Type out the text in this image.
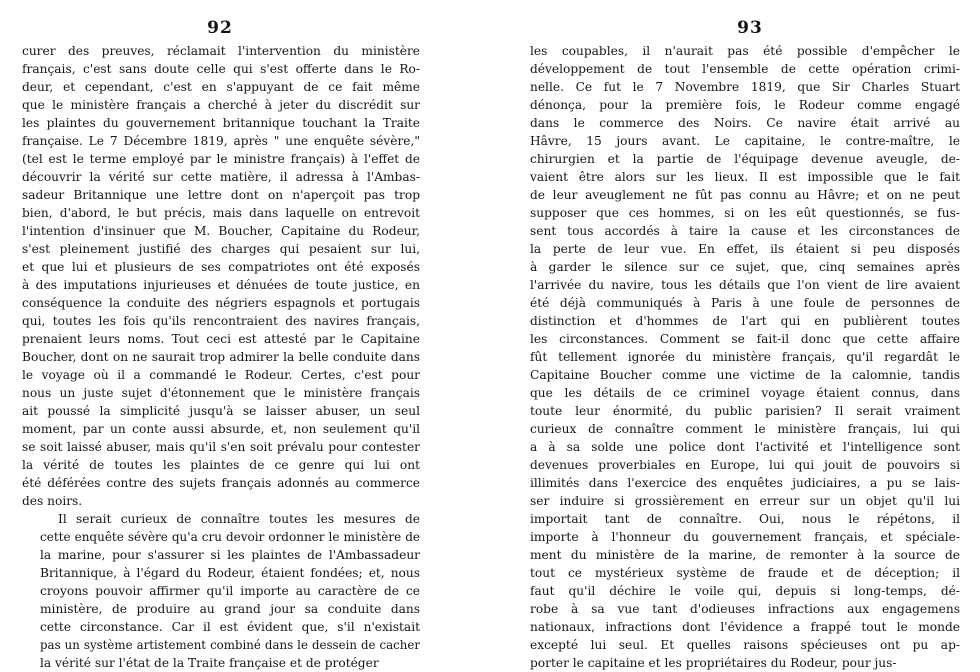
92

curer des preuves, réclamait l'intervention du ministère
français, c'est sans doute celle qui s'est offerte dans le Ro-
deur, et cependant, c'est en s'appuyant de ce fait même
que le ministère français a cherché à jeter du discrédit sur
les plaintes du gouvernement britannique touchant la Traite
française. Le 7 Décembre 1819, après " une enquête sévère,"
(tel est le terme employé par le ministre français) à l'effet de
découvrir la vérité sur cette matière, il adressa à l'Ambas-
sadeur Britannique une lettre dont on n'aperçoit pas trop
bien, d'abord, le but précis, mais dans laquelle on entrevoit
l'intention d'insinuer que M. Boucher, Capitaine du Rodeur,
s'est pleinement justifié des charges qui pesaient sur lui,
et que lui et plusieurs de ses compatriotes ont été exposés
à des imputations injurieuses et dénuées de toute justice, en
conséquence la conduite des négriers espagnols et portugais
qui, toutes les fois qu'ils rencontraient des navires français,
prenaient leurs noms. Tout ceci est attesté par le Capitaine
Boucher, dont on ne saurait trop admirer la belle conduite dans
le voyage où il a commandé le Rodeur. Certes, c'est pour
nous un juste sujet d'étonnement que le ministère français
ait poussé la simplicité jusqu'à se laisser abuser, un seul
moment, par un conte aussi absurde, et, non seulement qu'il
se soit laissé abuser, mais qu'il s'en soit prévalu pour contester
la vérité de toutes les plaintes de ce genre qui lui ont
été déférées contre des sujets français adonnés au commerce
des noirs.

Il serait curieux de connaître toutes les mesures de
cette enquête sévère qu'a cru devoir ordonner le ministère de
la marine, pour s'assurer si les plaintes de l'Ambassadeur
Britannique, à l'égard du Rodeur, étaient fondées; et, nous
croyons pouvoir affirmer qu'il importe au caractère de ce
ministère, de produire au grand jour sa conduite dans
cette circonstance. Car il est évident que, s'il n'existait
pas un système artistement combiné dans le dessein de cacher
la vérité sur l'état de la Traite française et de protéger

93

les coupables, il n'aurait pas été possible d'empêcher le
développement de tout l'ensemble de cette opération crimi-
nelle. Ce fut le 7 Novembre 1819, que Sir Charles Stuart
dénonça, pour la première fois, le Rodeur comme engagé
dans le commerce des Noirs. Ce navire était arrivé au
Hâvre, 15 jours avant. Le capitaine, le contre-maître, le
chirurgien et la partie de l'équipage devenue aveugle, de-
vaient être alors sur les lieux. Il est impossible que le fait
de leur aveuglement ne fût pas connu au Hâvre; et on ne peut
supposer que ces hommes, si on les eût questionnés, se fus-
sent tous accordés à taire la cause et les circonstances de
la perte de leur vue. En effet, ils étaient si peu disposés
à garder le silence sur ce sujet, que, cinq semaines après
l'arrivée du navire, tous les détails que l'on vient de lire avaient
été déjà communiqués à Paris à une foule de personnes de
distinction et d'hommes de l'art qui en publièrent toutes
les circonstances. Comment se fait-il donc que cette affaire
fût tellement ignorée du ministère français, qu'il regardât le
Capitaine Boucher comme une victime de la calomnie, tandis
que les détails de ce criminel voyage étaient connus, dans
toute leur énormité, du public parisien? Il serait vraiment
curieux de connaître comment le ministère français, lui qui
a à sa solde une police dont l'activité et l'intelligence sont
devenues proverbiales en Europe, lui qui jouit de pouvoirs si
illimités dans l'exercice des enquêtes judiciaires, a pu se lais-
ser induire si grossièrement en erreur sur un objet qu'il lui
importait tant de connaître. Oui, nous le répétons, il
importe à l'honneur du gouvernement français, et spéciale-
ment du ministère de la marine, de remonter à la source de
tout ce mystérieux système de fraude et de déception; il
faut qu'il déchire le voile qui, depuis si long-temps, dé-
robe à sa vue tant d'odieuses infractions aux engagemens
nationaux, infractions dont l'évidence a frappé tout le monde
excepté lui seul. Et quelles raisons spécieuses ont pu ap-
porter le capitaine et les propriétaires du Rodeur, pour jus-
